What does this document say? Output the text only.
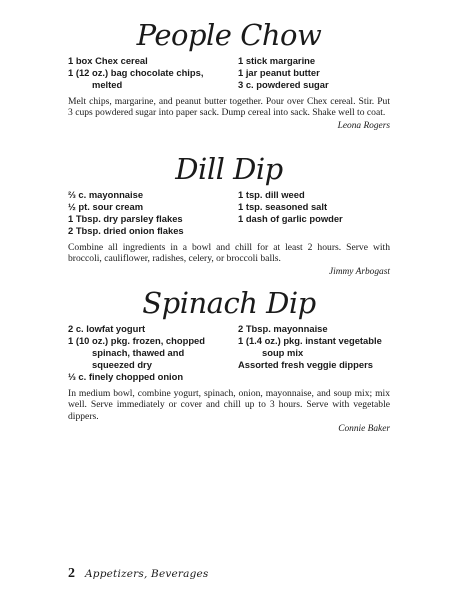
People Chow
1 box Chex cereal
1 (12 oz.) bag chocolate chips,
melted
1 stick margarine
1 jar peanut butter
3 c. powdered sugar
Melt chips, margarine, and peanut butter together. Pour over Chex cereal. Stir. Put 3 cups powdered sugar into paper sack. Dump cereal into sack. Shake well to coat.
Leona Rogers
Dill Dip
⅔ c. mayonnaise
½ pt. sour cream
1 Tbsp. dry parsley flakes
2 Tbsp. dried onion flakes
1 tsp. dill weed
1 tsp. seasoned salt
1 dash of garlic powder
Combine all ingredients in a bowl and chill for at least 2 hours. Serve with broccoli, cauliflower, radishes, celery, or broccoli balls.
Jimmy Arbogast
Spinach Dip
2 c. lowfat yogurt
1 (10 oz.) pkg. frozen, chopped
spinach, thawed and
squeezed dry
⅓ c. finely chopped onion
2 Tbsp. mayonnaise
1 (1.4 oz.) pkg. instant vegetable
soup mix
Assorted fresh veggie dippers
In medium bowl, combine yogurt, spinach, onion, mayonnaise, and soup mix; mix well. Serve immediately or cover and chill up to 3 hours. Serve with vegetable dippers.
Connie Baker
2 Appetizers, Beverages
